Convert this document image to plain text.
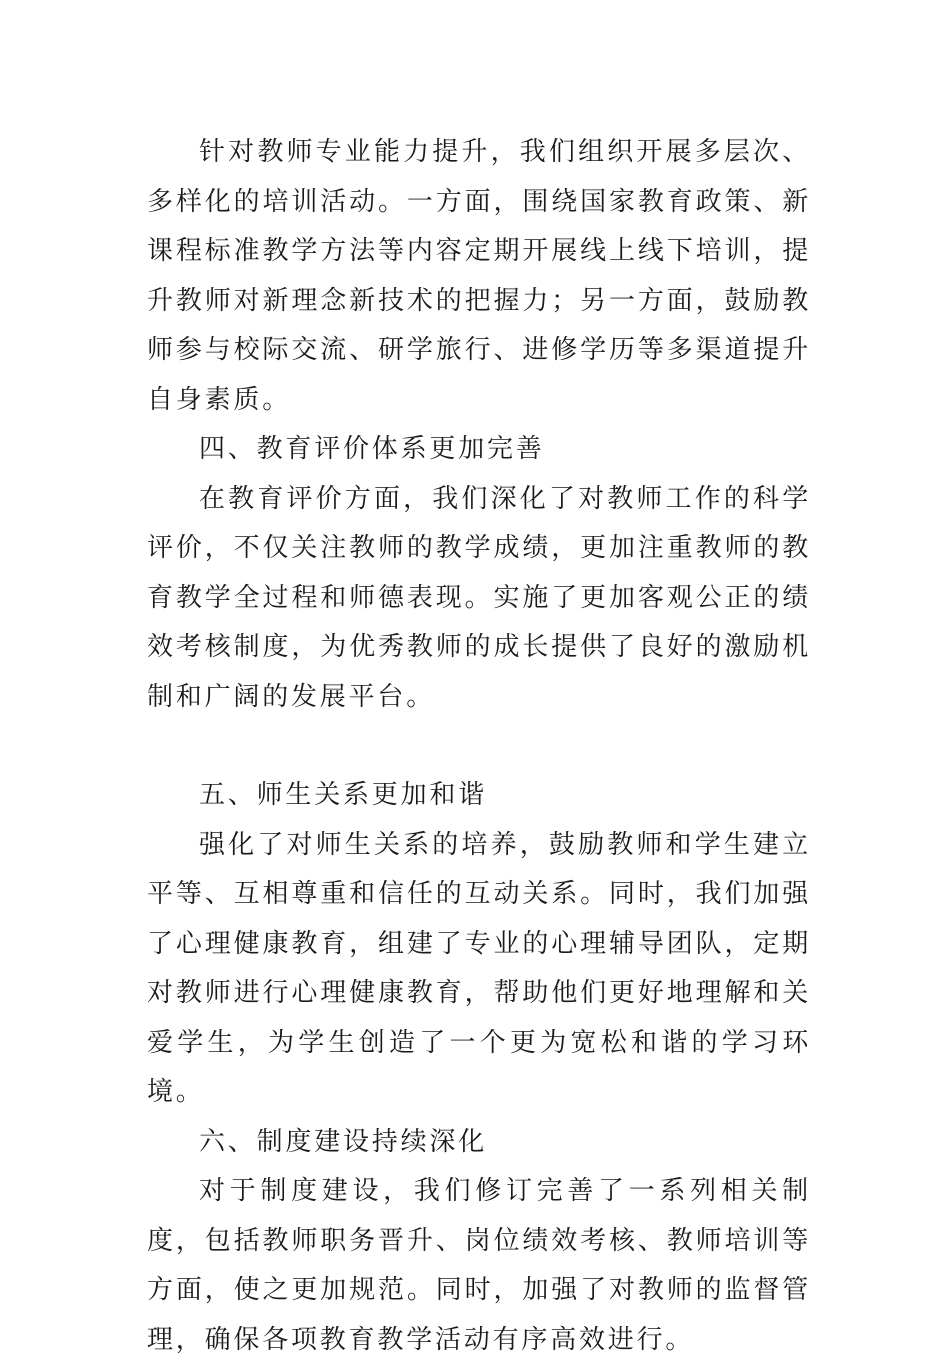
针对教师专业能力提升，我们组织开展多层次、多样化的培训活动。一方面，围绕国家教育政策、新课程标准教学方法等内容定期开展线上线下培训，提升教师对新理念新技术的把握力；另一方面，鼓励教师参与校际交流、研学旅行、进修学历等多渠道提升自身素质。

四、教育评价体系更加完善

在教育评价方面，我们深化了对教师工作的科学评价，不仅关注教师的教学成绩，更加注重教师的教育教学全过程和师德表现。实施了更加客观公正的绩效考核制度，为优秀教师的成长提供了良好的激励机制和广阔的发展平台。

五、师生关系更加和谐

强化了对师生关系的培养，鼓励教师和学生建立平等、互相尊重和信任的互动关系。同时，我们加强了心理健康教育，组建了专业的心理辅导团队，定期对教师进行心理健康教育，帮助他们更好地理解和关爱学生，为学生创造了一个更为宽松和谐的学习环境。

六、制度建设持续深化

对于制度建设，我们修订完善了一系列相关制度，包括教师职务晋升、岗位绩效考核、教师培训等方面，使之更加规范。同时，加强了对教师的监督管理，确保各项教育教学活动有序高效进行。
